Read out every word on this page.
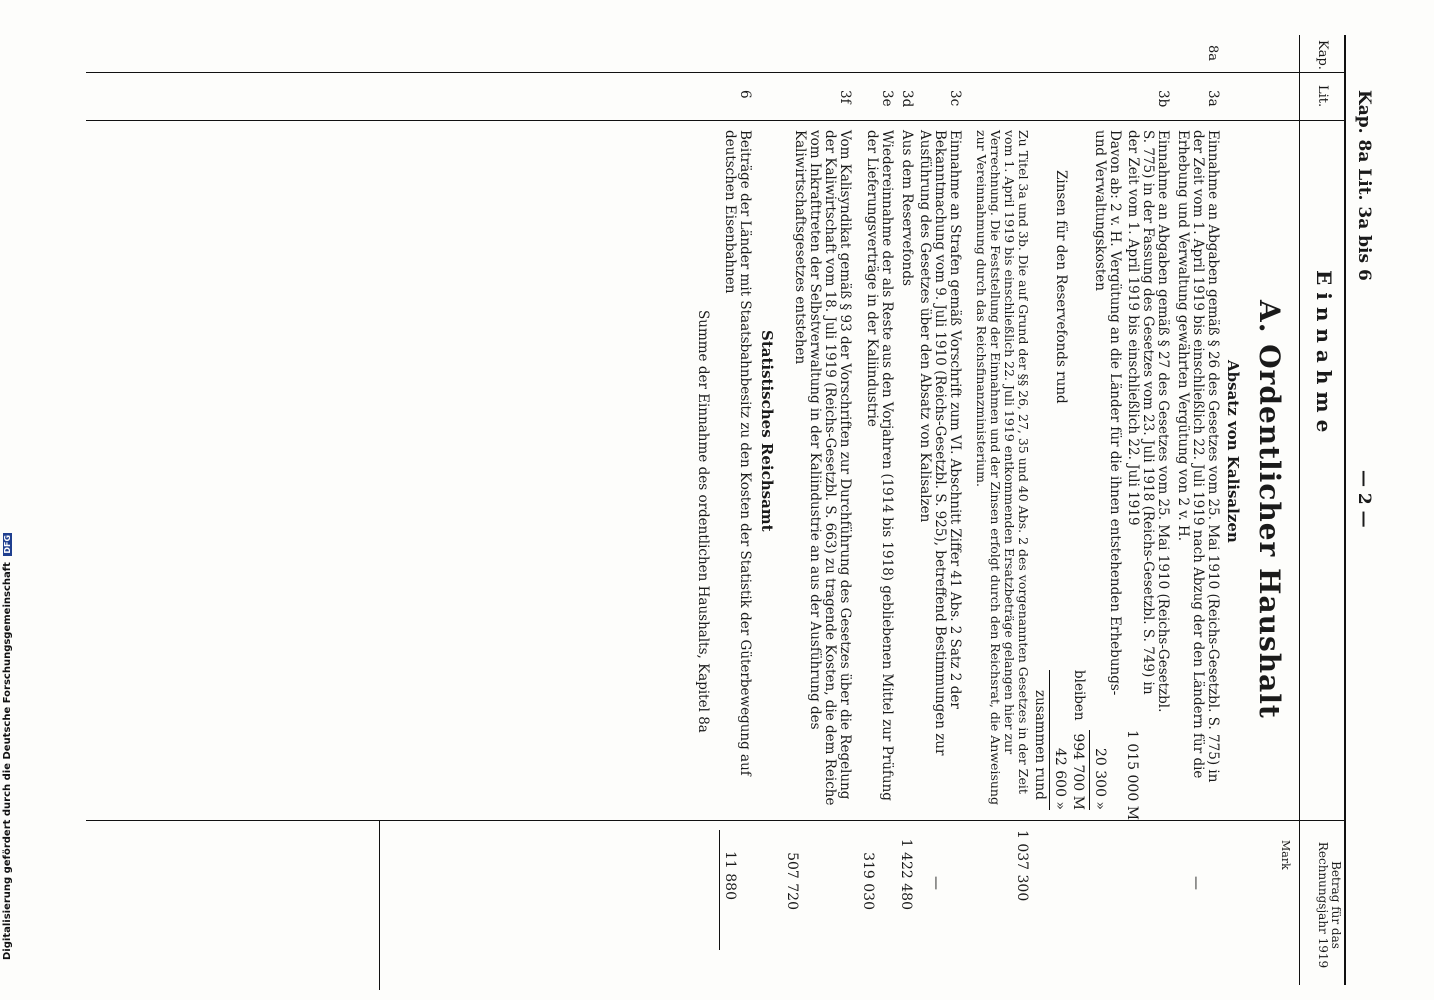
Kap. 8a Lit. 3a bis 6
— 2 —
Kap.
Lit.
Betrag für das Rechnungsjahr 1919
Mark
Einnahme
A. Ordentlicher Haushalt
8a
Absatz von Kalisalzen
3a
Einnahme an Abgaben gemäß § 26 des Gesetzes vom 25. Mai 1910 (Reichs-Gesetzbl. S. 775) in der Zeit vom 1. April 1919 bis einschließlich 22. Juli 1919 nach Abzug der den Ländern für die Erhebung und Verwaltung gewährten Vergütung von 2 v. H.
—
3b
Einnahme an Abgaben gemäß § 27 des Gesetzes vom 25. Mai 1910 (Reichs-Gesetzbl. S. 775) in der Fassung des Gesetzes vom 23. Juli 1918 (Reichs-Gesetzbl. S. 749) in der Zeit vom 1. April 1919 bis einschließlich 22. Juli 1919
1 015 000 M
Davon ab: 2 v. H. Vergütung an die Länder für die ihnen entstehenden Erhebungs- und Verwaltungskosten
20 300 »
bleiben
994 700 M
Zinsen für den Reservefonds rund
42 600 »
zusammen rund
1 037 300
Zu Titel 3a und 3b. Die auf Grund der §§ 26, 27, 35 und 40 Abs. 2 des vorgenannten Gesetzes in der Zeit vom 1. April 1919 bis einschließlich 22. Juli 1919 entkommenden Ersatzbeträge gelangen hier zur Verrechnung. Die Feststellung der Einnahmen und der Zinsen erfolgt durch den Reichsrat, die Anweisung zur Vereinnahmung durch das Reichsfinanzministerium.
3c
Einnahme an Strafen gemäß Vorschrift zum VI. Abschnitt Ziffer 41 Abs. 2 Satz 2 der Bekanntmachung vom 9. Juli 1910 (Reichs-Gesetzbl. S. 925), betreffend Bestimmungen zur Ausführung des Gesetzes über den Absatz von Kalisalzen
—
3d
Aus dem Reservefonds
1 422 480
3e
Wiedereinnahme der als Reste aus den Vorjahren (1914 bis 1918) gebliebenen Mittel zur Prüfung der Lieferungsverträge in der Kaliindustrie
319 030
3f
Vom Kalisyndikat gemäß § 93 der Vorschriften zur Durchführung des Gesetzes über die Regelung der Kaliwirtschaft vom 18. Juli 1919 (Reichs-Gesetzbl. S. 663) zu tragende Kosten, die dem Reiche vom Inkrafttreten der Selbstverwaltung in der Kaliindustrie an aus der Ausführung des Kaliwirtschaftsgesetzes entstehen
507 720
Statistisches Reichsamt
6
Beiträge der Länder mit Staatsbahnbesitz zu den Kosten der Statistik der Güterbewegung auf deutschen Eisenbahnen
11 880
Summe der Einnahme des ordentlichen Haushalts, Kapitel 8a
Digitalisierung gefördert durch die Deutsche Forschungsgemeinschaft DFG
